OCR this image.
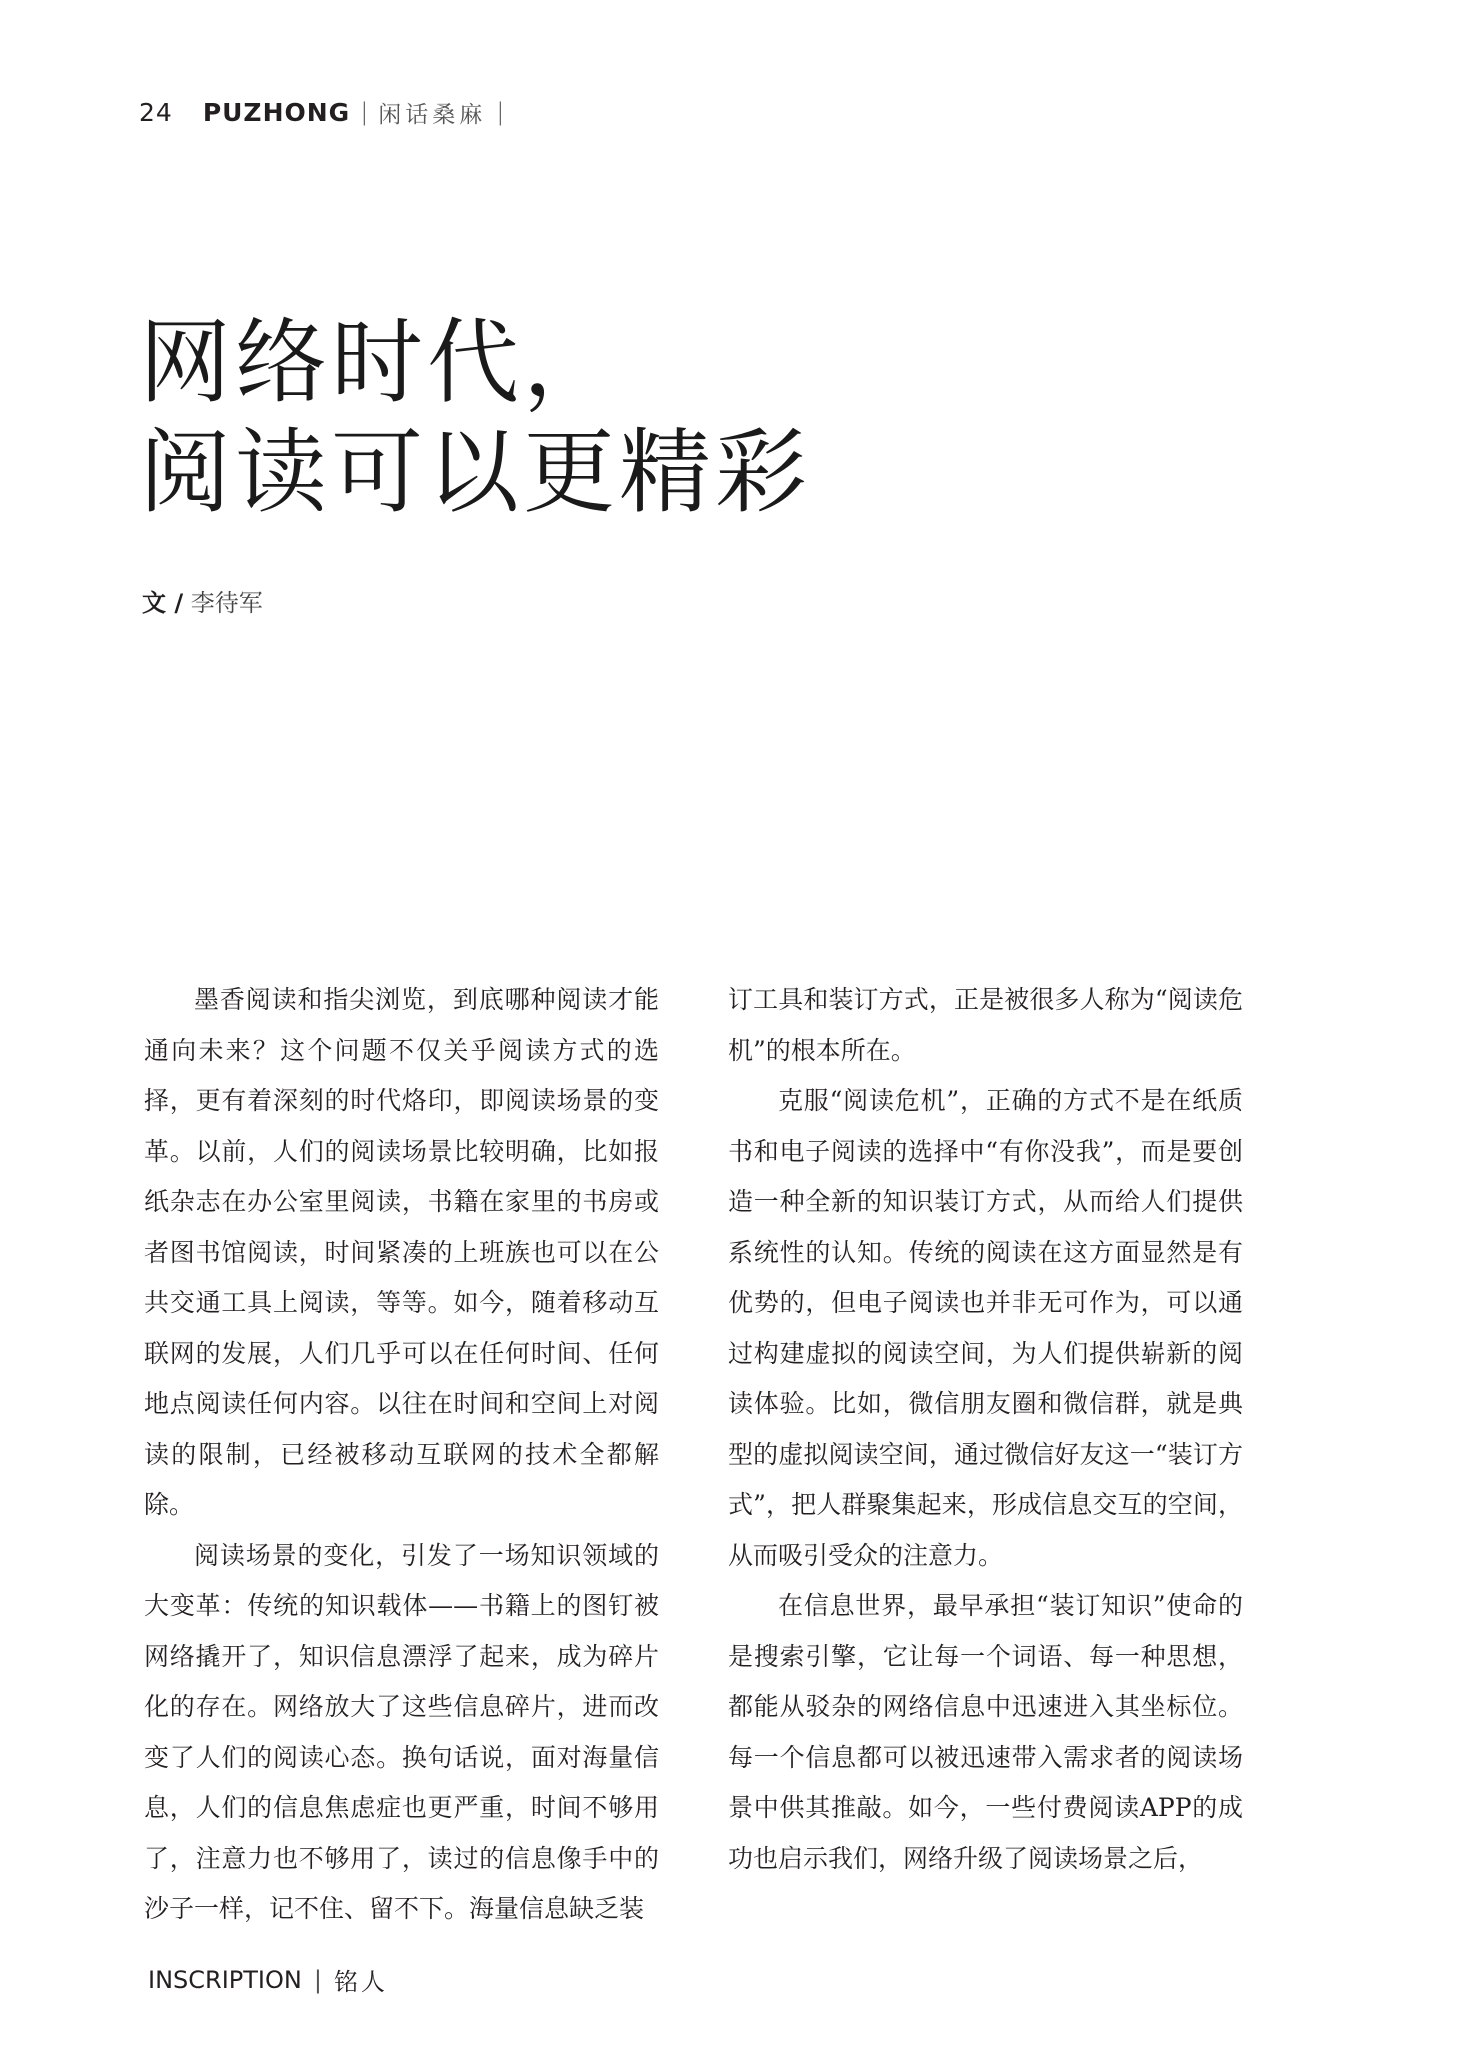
24 PUZHONG | 闲话桑麻 |
网络时代，
阅读可以更精彩
文 / 李待军

墨香阅读和指尖浏览，到底哪种阅读才能通向未来？这个问题不仅关乎阅读方式的选择，更有着深刻的时代烙印，即阅读场景的变革。以前，人们的阅读场景比较明确，比如报纸杂志在办公室里阅读，书籍在家里的书房或者图书馆阅读，时间紧凑的上班族也可以在公共交通工具上阅读，等等。如今，随着移动互联网的发展，人们几乎可以在任何时间、任何地点阅读任何内容。以往在时间和空间上对阅读的限制，已经被移动互联网的技术全都解除。

阅读场景的变化，引发了一场知识领域的大变革：传统的知识载体——书籍上的图钉被网络撬开了，知识信息漂浮了起来，成为碎片化的存在。网络放大了这些信息碎片，进而改变了人们的阅读心态。换句话说，面对海量信息，人们的信息焦虑症也更严重，时间不够用了，注意力也不够用了，读过的信息像手中的沙子一样，记不住、留不下。海量信息缺乏装

订工具和装订方式，正是被很多人称为“阅读危机”的根本所在。

克服“阅读危机”，正确的方式不是在纸质书和电子阅读的选择中“有你没我”，而是要创造一种全新的知识装订方式，从而给人们提供系统性的认知。传统的阅读在这方面显然是有优势的，但电子阅读也并非无可作为，可以通过构建虚拟的阅读空间，为人们提供崭新的阅读体验。比如，微信朋友圈和微信群，就是典型的虚拟阅读空间，通过微信好友这一“装订方式”，把人群聚集起来，形成信息交互的空间，从而吸引受众的注意力。

在信息世界，最早承担“装订知识”使命的是搜索引擎，它让每一个词语、每一种思想，都能从驳杂的网络信息中迅速进入其坐标位。每一个信息都可以被迅速带入需求者的阅读场景中供其推敲。如今，一些付费阅读APP的成功也启示我们，网络升级了阅读场景之后，

INSCRIPTION | 铭人
